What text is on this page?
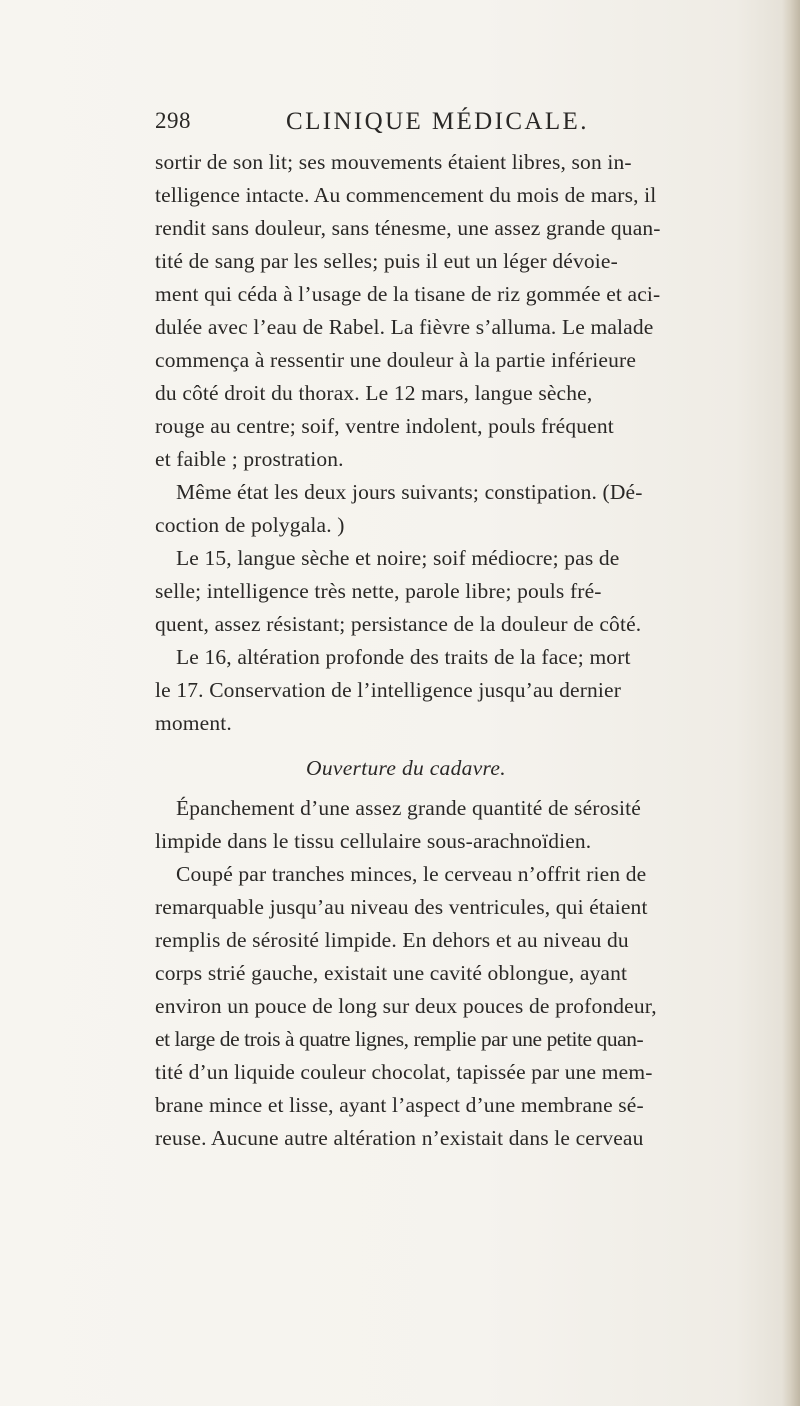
298	CLINIQUE MÉDICALE.
sortir de son lit; ses mouvements étaient libres, son in-
telligence intacte. Au commencement du mois de mars, il
rendit sans douleur, sans ténesme, une assez grande quan-
tité de sang par les selles; puis il eut un léger dévoie-
ment qui céda à l’usage de la tisane de riz gommée et aci-
dulée avec l’eau de Rabel. La fièvre s’alluma. Le malade
commença à ressentir une douleur à la partie inférieure
du côté droit du thorax. Le 12 mars, langue sèche,
rouge au centre; soif, ventre indolent, pouls fréquent
et faible ; prostration.
Même état les deux jours suivants; constipation. (Dé-
coction de polygala. )
Le 15, langue sèche et noire; soif médiocre; pas de
selle; intelligence très nette, parole libre; pouls fré-
quent, assez résistant; persistance de la douleur de côté.
Le 16, altération profonde des traits de la face; mort
le 17. Conservation de l’intelligence jusqu’au dernier
moment.
Ouverture du cadavre.
Épanchement d’une assez grande quantité de sérosité
limpide dans le tissu cellulaire sous-arachnoïdien.
Coupé par tranches minces, le cerveau n’offrit rien de
remarquable jusqu’au niveau des ventricules, qui étaient
remplis de sérosité limpide. En dehors et au niveau du
corps strié gauche, existait une cavité oblongue, ayant
environ un pouce de long sur deux pouces de profondeur,
et large de trois à quatre lignes, remplie par une petite quan-
tité d’un liquide couleur chocolat, tapissée par une mem-
brane mince et lisse, ayant l’aspect d’une membrane sé-
reuse. Aucune autre altération n’existait dans le cerveau
